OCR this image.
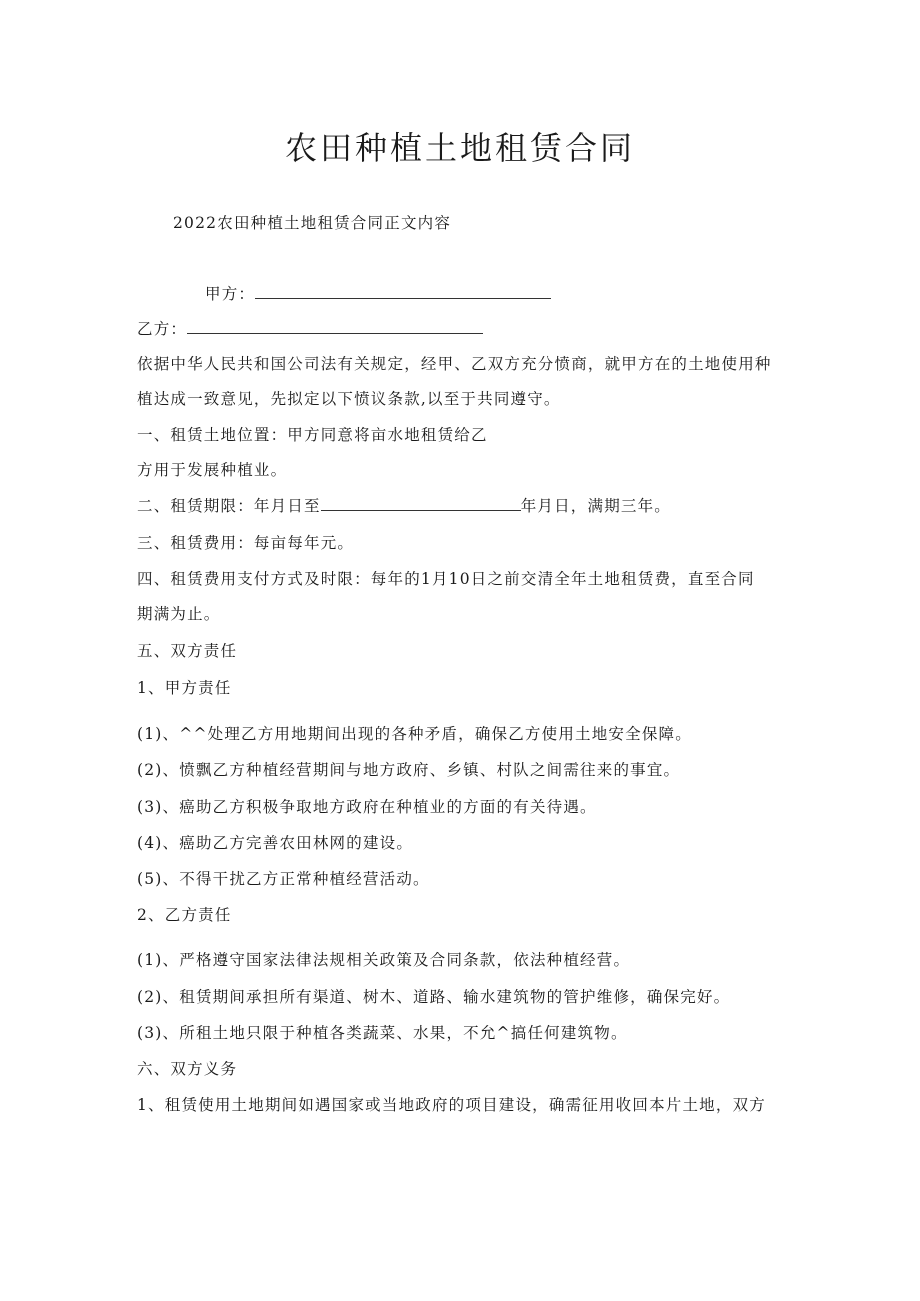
农田种植土地租赁合同
2022农田种植土地租赁合同正文内容
甲方：
乙方：
依据中华人民共和国公司法有关规定，经甲、乙双方充分愤商，就甲方在的土地使用种
植达成一致意见，先拟定以下愤议条款,以至于共同遵守。
一、租赁土地位置：甲方同意将亩水地租赁给乙
方用于发展种植业。
二、租赁期限：年月日至	年月日，满期三年。
三、租赁费用：每亩每年元。
四、租赁费用支付方式及时限：每年的1月10日之前交清全年土地租赁费，直至合同
期满为止。
五、双方责任
1、甲方责任
(1)、^^处理乙方用地期间出现的各种矛盾，确保乙方使用土地安全保障。
(2)、愤飘乙方种植经营期间与地方政府、乡镇、村队之间需往来的事宜。
(3)、癌助乙方积极争取地方政府在种植业的方面的有关待遇。
(4)、癌助乙方完善农田林网的建设。
(5)、不得干扰乙方正常种植经营活动。
2、乙方责任
(1)、严格遵守国家法律法规相关政策及合同条款，依法种植经营。
(2)、租赁期间承担所有渠道、树木、道路、输水建筑物的管护维修，确保完好。
(3)、所租土地只限于种植各类蔬菜、水果，不允^搞任何建筑物。
六、双方义务
1、租赁使用土地期间如遇国家或当地政府的项目建设，确需征用收回本片土地，双方
